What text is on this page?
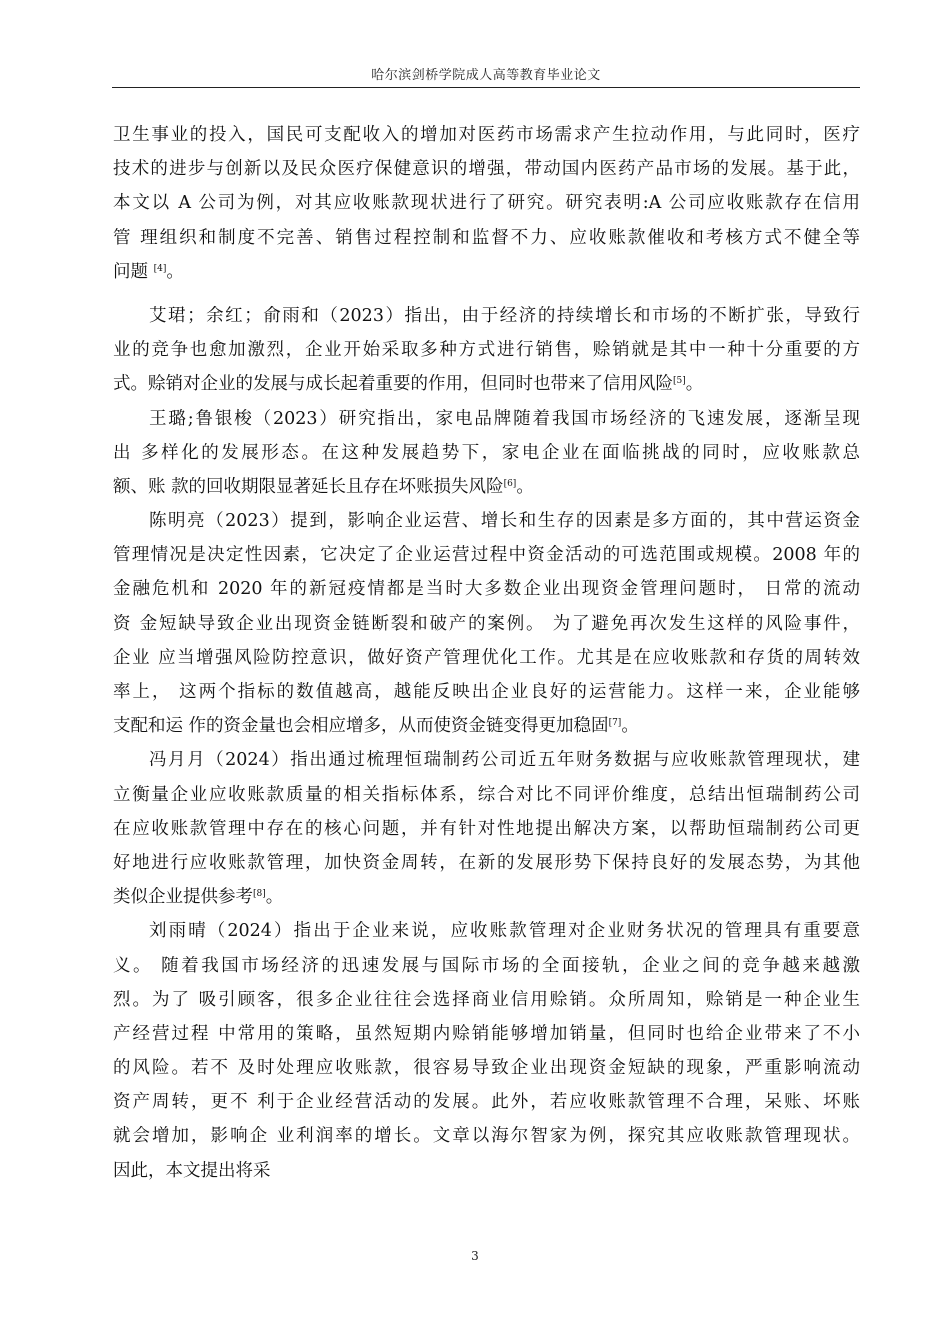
哈尔滨剑桥学院成人高等教育毕业论文
卫生事业的投入，国民可支配收入的增加对医药市场需求产生拉动作用，与此同时，医疗
技术的进步与创新以及民众医疗保健意识的增强，带动国内医药产品市场的发展。基于此，
本文以 A 公司为例，对其应收账款现状进行了研究。研究表明:A 公司应收账款存在信用
管 理组织和制度不完善、销售过程控制和监督不力、应收账款催收和考核方式不健全等
问题 [4]。
艾珺；余红；俞雨和（2023）指出，由于经济的持续增长和市场的不断扩张，导致行
业的竞争也愈加激烈，企业开始采取多种方式进行销售，赊销就是其中一种十分重要的方
式。赊销对企业的发展与成长起着重要的作用，但同时也带来了信用风险[5]。
王璐;鲁银梭（2023）研究指出，家电品牌随着我国市场经济的飞速发展，逐渐呈现
出 多样化的发展形态。在这种发展趋势下，家电企业在面临挑战的同时，应收账款总
额、账 款的回收期限显著延长且存在坏账损失风险[6]。
陈明亮（2023）提到，影响企业运营、增长和生存的因素是多方面的，其中营运资金
管理情况是决定性因素，它决定了企业运营过程中资金活动的可选范围或规模。2008 年的
金融危机和 2020 年的新冠疫情都是当时大多数企业出现资金管理问题时， 日常的流动
资 金短缺导致企业出现资金链断裂和破产的案例。 为了避免再次发生这样的风险事件，
企业 应当增强风险防控意识，做好资产管理优化工作。尤其是在应收账款和存货的周转效
率上， 这两个指标的数值越高，越能反映出企业良好的运营能力。这样一来，企业能够
支配和运 作的资金量也会相应增多，从而使资金链变得更加稳固[7]。
冯月月（2024）指出通过梳理恒瑞制药公司近五年财务数据与应收账款管理现状，建
立衡量企业应收账款质量的相关指标体系，综合对比不同评价维度，总结出恒瑞制药公司
在应收账款管理中存在的核心问题，并有针对性地提出解决方案，以帮助恒瑞制药公司更
好地进行应收账款管理，加快资金周转，在新的发展形势下保持良好的发展态势，为其他
类似企业提供参考[8]。
刘雨晴（2024）指出于企业来说，应收账款管理对企业财务状况的管理具有重要意
义。 随着我国市场经济的迅速发展与国际市场的全面接轨，企业之间的竞争越来越激
烈。为了 吸引顾客，很多企业往往会选择商业信用赊销。众所周知，赊销是一种企业生
产经营过程 中常用的策略，虽然短期内赊销能够增加销量，但同时也给企业带来了不小
的风险。若不 及时处理应收账款，很容易导致企业出现资金短缺的现象，严重影响流动
资产周转，更不 利于企业经营活动的发展。此外，若应收账款管理不合理，呆账、坏账
就会增加，影响企 业利润率的增长。文章以海尔智家为例，探究其应收账款管理现状。
因此，本文提出将采
3
